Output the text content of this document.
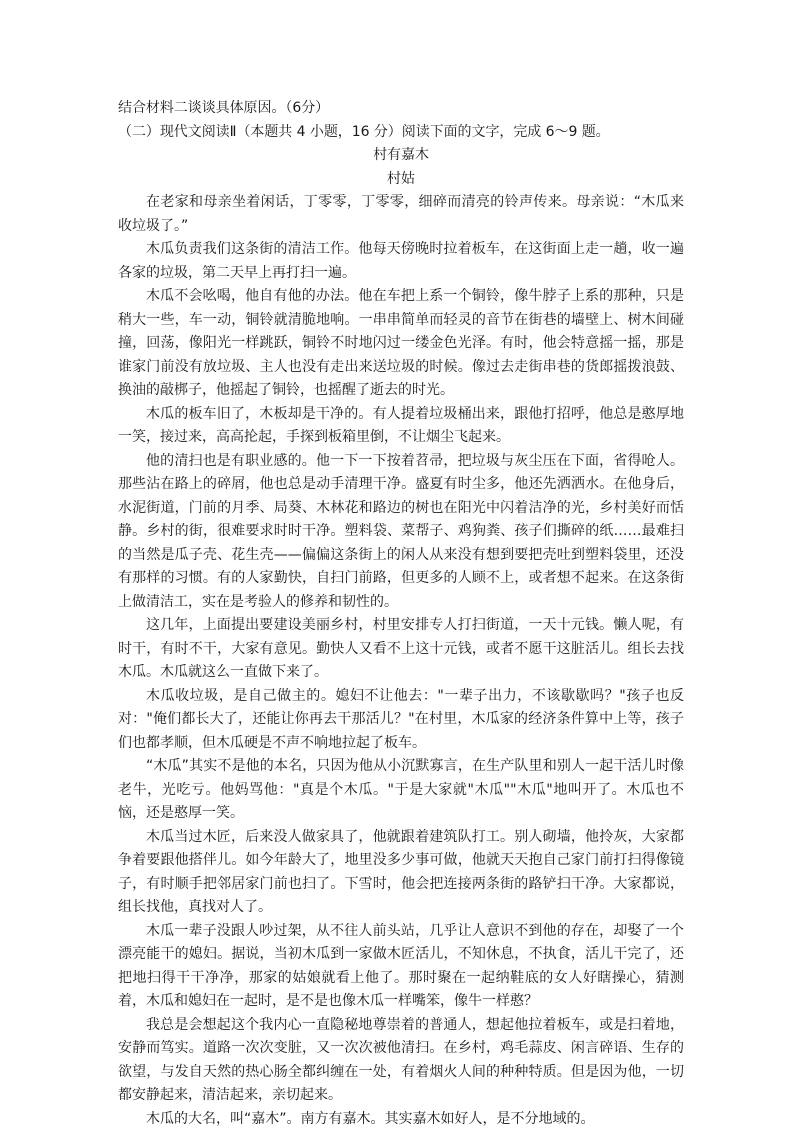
结合材料二谈谈具体原因。（6分）

（二）现代文阅读Ⅱ（本题共 4 小题，16 分）阅读下面的文字，完成 6～9 题。

村有嘉木

村姑

在老家和母亲坐着闲话，丁零零，丁零零，细碎而清亮的铃声传来。母亲说：“木瓜来收垃圾了。”

木瓜负责我们这条街的清洁工作。他每天傍晚时拉着板车，在这街面上走一趟，收一遍各家的垃圾，第二天早上再打扫一遍。

木瓜不会吆喝，他自有他的办法。他在车把上系一个铜铃，像牛脖子上系的那种，只是稍大一些，车一动，铜铃就清脆地响。一串串简单而轻灵的音节在街巷的墙壁上、树木间碰撞，回荡，像阳光一样跳跃，铜铃不时地闪过一缕金色光泽。有时，他会特意摇一摇，那是谁家门前没有放垃圾、主人也没有走出来送垃圾的时候。像过去走街串巷的货郎摇拨浪鼓、换油的敲梆子，他摇起了铜铃，也摇醒了逝去的时光。

木瓜的板车旧了，木板却是干净的。有人提着垃圾桶出来，跟他打招呼，他总是憨厚地一笑，接过来，高高抡起，手探到板箱里倒，不让烟尘飞起来。

他的清扫也是有职业感的。他一下一下按着苕帚，把垃圾与灰尘压在下面，省得呛人。那些沾在路上的碎屑，他也总是动手清理干净。盛夏有时尘多，他还先洒洒水。在他身后，水泥街道，门前的月季、局葵、木林花和路边的树也在阳光中闪着洁净的光，乡村美好而恬静。乡村的街，很难要求时时干净。塑料袋、菜帮子、鸡狗粪、孩子们撕碎的纸……最难扫的当然是瓜子壳、花生壳——偏偏这条街上的闲人从来没有想到要把壳吐到塑料袋里，还没有那样的习惯。有的人家勤快，自扫门前路，但更多的人顾不上，或者想不起来。在这条街上做清洁工，实在是考验人的修养和韧性的。

这几年，上面提出要建设美丽乡村，村里安排专人打扫街道，一天十元钱。懒人呢，有时干，有时不干，大家有意见。勤快人又看不上这十元钱，或者不愿干这脏活儿。组长去找木瓜。木瓜就这么一直做下来了。

木瓜收垃圾，是自己做主的。媳妇不让他去："一辈子出力，不该歇歇吗？"孩子也反对："俺们都长大了，还能让你再去干那活儿？"在村里，木瓜家的经济条件算中上等，孩子们也都孝顺，但木瓜硬是不声不响地拉起了板车。

“木瓜”其实不是他的本名，只因为他从小沉默寡言，在生产队里和别人一起干活儿时像老牛，光吃亏。他妈骂他："真是个木瓜。"于是大家就"木瓜""木瓜"地叫开了。木瓜也不恼，还是憨厚一笑。

木瓜当过木匠，后来没人做家具了，他就跟着建筑队打工。别人砌墙，他拎灰，大家都争着要跟他搭伴儿。如今年龄大了，地里没多少事可做，他就天天抱自己家门前打扫得像镜子，有时顺手把邻居家门前也扫了。下雪时，他会把连接两条街的路铲扫干净。大家都说，组长找他，真找对人了。

木瓜一辈子没跟人吵过架，从不往人前头站，几乎让人意识不到他的存在，却娶了一个漂亮能干的媳妇。据说，当初木瓜到一家做木匠活儿，不知休息，不执食，活儿干完了，还把地扫得干干净净，那家的姑娘就看上他了。那时聚在一起纳鞋底的女人好瞎操心，猜测着，木瓜和媳妇在一起时，是不是也像木瓜一样嘴笨，像牛一样憨？

我总是会想起这个我内心一直隐秘地尊崇着的普通人，想起他拉着板车，或是扫着地，安静而笃实。道路一次次变脏，又一次次被他清扫。在乡村，鸡毛蒜皮、闲言碎语、生存的欲望，与发自天然的热心肠全都纠缠在一处，有着烟火人间的种种特质。但是因为他，一切都安静起来，清洁起来，亲切起来。

木瓜的大名，叫“嘉木”。南方有嘉木。其实嘉木如好人，是不分地域的。
